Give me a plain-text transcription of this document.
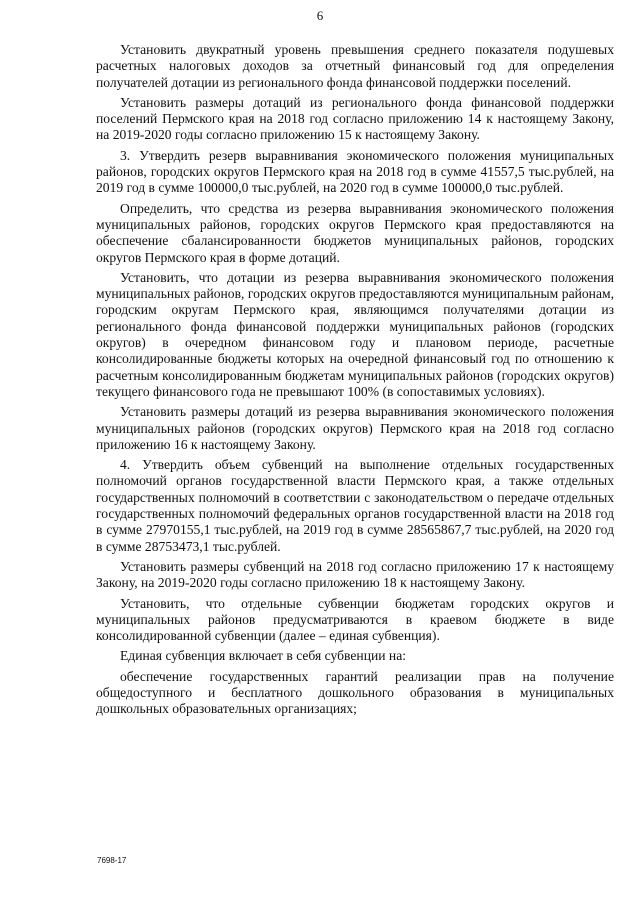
6

Установить двукратный уровень превышения среднего показателя подушевых расчетных налоговых доходов за отчетный финансовый год для определения получателей дотации из регионального фонда финансовой поддержки поселений.

Установить размеры дотаций из регионального фонда финансовой поддержки поселений Пермского края на 2018 год согласно приложению 14 к настоящему Закону, на 2019-2020 годы согласно приложению 15 к настоящему Закону.

3. Утвердить резерв выравнивания экономического положения муниципальных районов, городских округов Пермского края на 2018 год в сумме 41557,5 тыс.рублей, на 2019 год в сумме 100000,0 тыс.рублей, на 2020 год в сумме 100000,0 тыс.рублей.

Определить, что средства из резерва выравнивания экономического положения муниципальных районов, городских округов Пермского края предоставляются на обеспечение сбалансированности бюджетов муниципальных районов, городских округов Пермского края в форме дотаций.

Установить, что дотации из резерва выравнивания экономического положения муниципальных районов, городских округов предоставляются муниципальным районам, городским округам Пермского края, являющимся получателями дотации из регионального фонда финансовой поддержки муниципальных районов (городских округов) в очередном финансовом году и плановом периоде, расчетные консолидированные бюджеты которых на очередной финансовый год по отношению к расчетным консолидированным бюджетам муниципальных районов (городских округов) текущего финансового года не превышают 100% (в сопоставимых условиях).

Установить размеры дотаций из резерва выравнивания экономического положения муниципальных районов (городских округов) Пермского края на 2018 год согласно приложению 16 к настоящему Закону.

4. Утвердить объем субвенций на выполнение отдельных государственных полномочий органов государственной власти Пермского края, а также отдельных государственных полномочий в соответствии с законодательством о передаче отдельных государственных полномочий федеральных органов государственной власти на 2018 год в сумме 27970155,1 тыс.рублей, на 2019 год в сумме 28565867,7 тыс.рублей, на 2020 год в сумме 28753473,1 тыс.рублей.

Установить размеры субвенций на 2018 год согласно приложению 17 к настоящему Закону, на 2019-2020 годы согласно приложению 18 к настоящему Закону.

Установить, что отдельные субвенции бюджетам городских округов и муниципальных районов предусматриваются в краевом бюджете в виде консолидированной субвенции (далее – единая субвенция).

Единая субвенция включает в себя субвенции на:

обеспечение государственных гарантий реализации прав на получение общедоступного и бесплатного дошкольного образования в муниципальных дошкольных образовательных организациях;

7698-17
